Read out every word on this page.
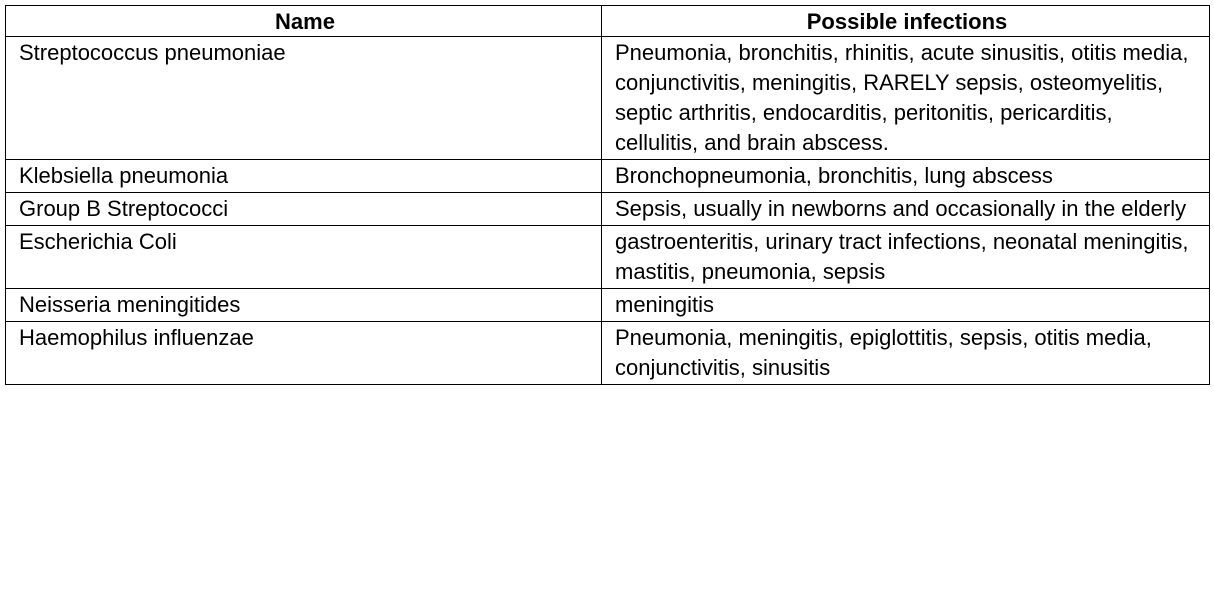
Name	Possible infections
Streptococcus pneumoniae	Pneumonia, bronchitis, rhinitis, acute sinusitis, otitis media, conjunctivitis, meningitis, RARELY sepsis, osteomyelitis, septic arthritis, endocarditis, peritonitis, pericarditis, cellulitis, and brain abscess.
Klebsiella pneumonia	Bronchopneumonia, bronchitis, lung abscess
Group B Streptococci	Sepsis, usually in newborns and occasionally in the elderly
Escherichia Coli	gastroenteritis, urinary tract infections, neonatal meningitis, mastitis, pneumonia, sepsis
Neisseria meningitides	meningitis
Haemophilus influenzae	Pneumonia, meningitis, epiglottitis, sepsis, otitis media, conjunctivitis, sinusitis
